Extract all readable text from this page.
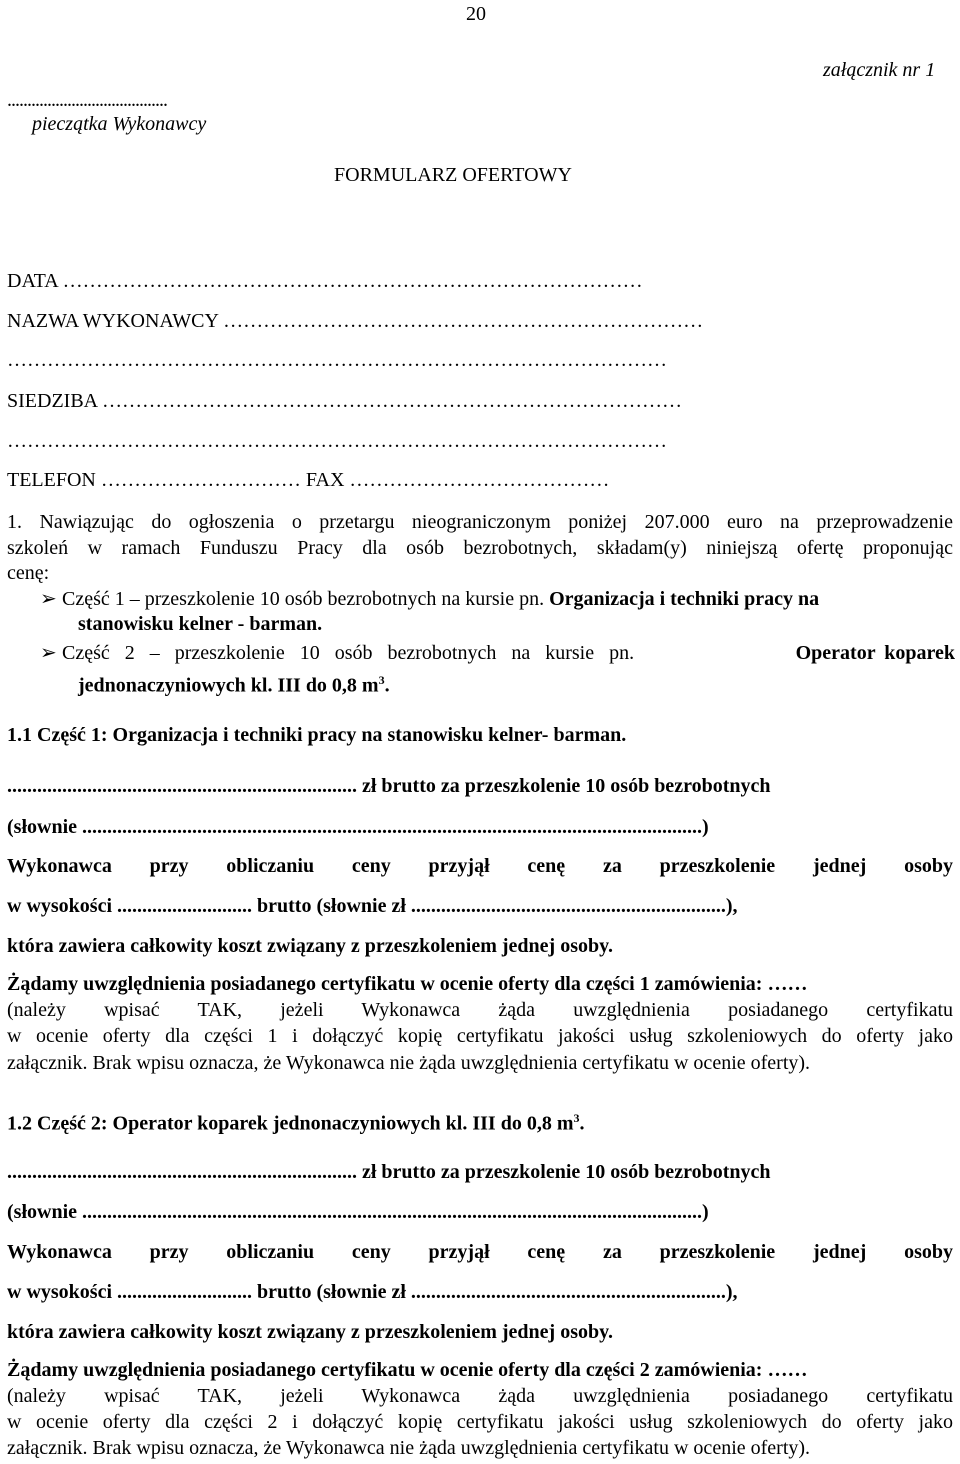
20
załącznik nr 1
........................................
pieczątka Wykonawcy
FORMULARZ OFERTOWY
DATA ……………………………………………………………………………
NAZWA WYKONAWCY ………………………………………………………………
………………………………………………………………………………………
SIEDZIBA ……………………………………………………………………………
………………………………………………………………………………………
TELEFON ………………………… FAX …………………………………
1. Nawiązując do ogłoszenia o przetargu nieograniczonym poniżej 207.000 euro na przeprowadzenie
szkoleń w ramach Funduszu Pracy dla osób bezrobotnych, składam(y) niniejszą ofertę proponując
cenę:
➢ Część 1 – przeszkolenie 10 osób bezrobotnych na kursie pn. Organizacja i techniki pracy na
stanowisku kelner - barman.
➢ Część 2 – przeszkolenie 10 osób bezrobotnych na kursie pn.	Operator koparek
jednonaczyniowych kl. III do 0,8 $m^3$.
1.1 Część 1: Organizacja i techniki pracy na stanowisku kelner- barman.
...................................................................... zł brutto za przeszkolenie 10 osób bezrobotnych
(słownie ............................................................................................................................)
Wykonawca przy obliczaniu ceny przyjął cenę za przeszkolenie jednej osoby
w wysokości ........................... brutto (słownie zł ...............................................................),
która zawiera całkowity koszt związany z przeszkoleniem jednej osoby.
Żądamy uwzględnienia posiadanego certyfikatu w ocenie oferty dla części 1 zamówienia: ……
(należy wpisać TAK, jeżeli Wykonawca żąda uwzględnienia posiadanego certyfikatu
w ocenie oferty dla części 1 i dołączyć kopię certyfikatu jakości usług szkoleniowych do oferty jako
załącznik. Brak wpisu oznacza, że Wykonawca nie żąda uwzględnienia certyfikatu w ocenie oferty).
1.2 Część 2: Operator koparek jednonaczyniowych kl. III do 0,8 $m^3$.
...................................................................... zł brutto za przeszkolenie 10 osób bezrobotnych
(słownie ............................................................................................................................)
Wykonawca przy obliczaniu ceny przyjął cenę za przeszkolenie jednej osoby
w wysokości ........................... brutto (słownie zł ...............................................................),
która zawiera całkowity koszt związany z przeszkoleniem jednej osoby.
Żądamy uwzględnienia posiadanego certyfikatu w ocenie oferty dla części 2 zamówienia: ……
(należy wpisać TAK, jeżeli Wykonawca żąda uwzględnienia posiadanego certyfikatu
w ocenie oferty dla części 2 i dołączyć kopię certyfikatu jakości usług szkoleniowych do oferty jako
załącznik. Brak wpisu oznacza, że Wykonawca nie żąda uwzględnienia certyfikatu w ocenie oferty).
